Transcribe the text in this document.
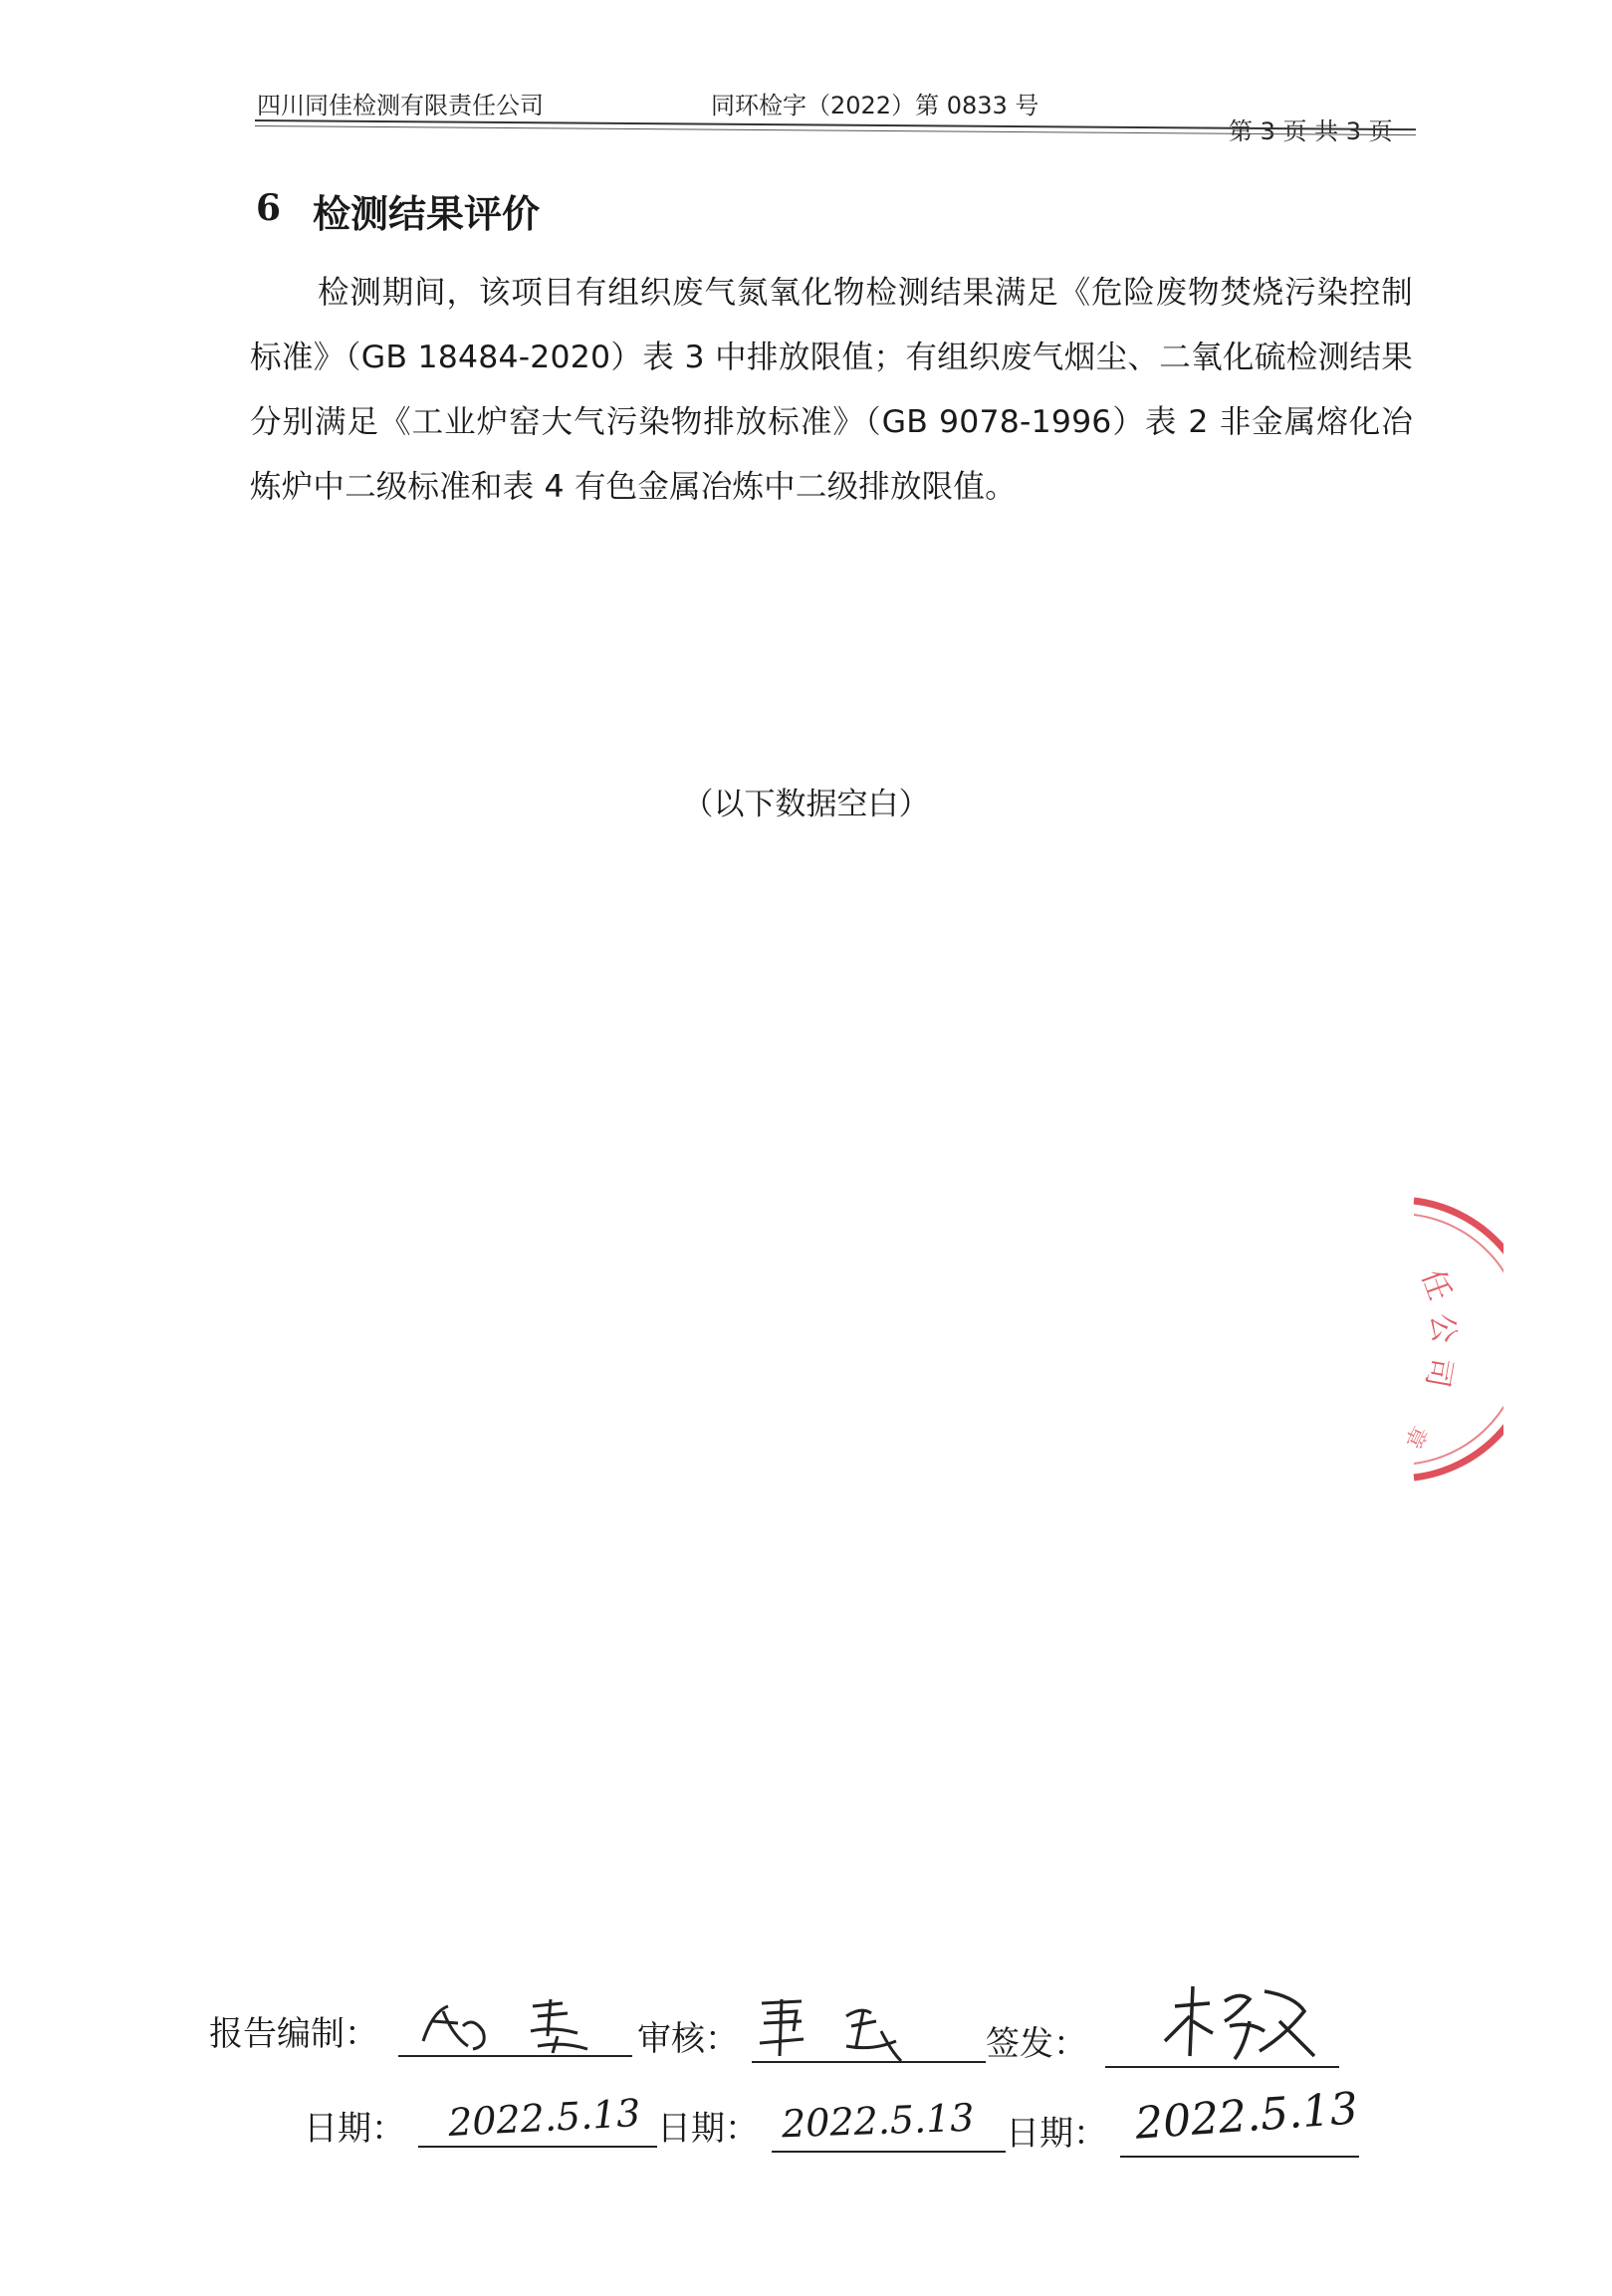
四川同佳检测有限责任公司	同环检字（2022）第 0833 号
第 3 页 共 3 页
6 检测结果评价
检测期间，该项目有组织废气氮氧化物检测结果满足《危险废物焚烧污染控制标准》（GB 18484-2020）表 3 中排放限值；有组织废气烟尘、二氧化硫检测结果分别满足《工业炉窑大气污染物排放标准》（GB 9078-1996）表 2 非金属熔化冶炼炉中二级标准和表 4 有色金属冶炼中二级排放限值。
（以下数据空白）
任
公
司
章
报告编制：
赵 慧
审核：
覃 廷
签发：
杨 光
日期： 2022.5.13 日期： 2022.5.13 日期： 2022.5.13
